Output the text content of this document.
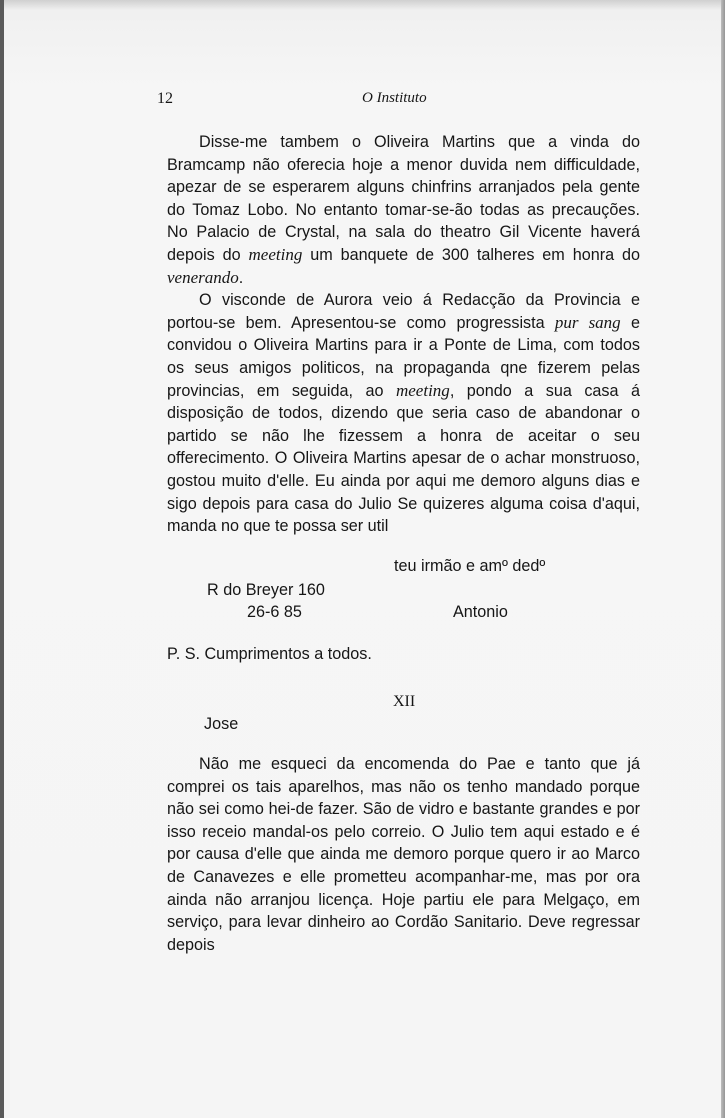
12	O Instituto

Disse-me tambem o Oliveira Martins que a vinda do Bramcamp não oferecia hoje a menor duvida nem difficuldade, apezar de se esperarem alguns chinfrins arranjados pela gente do Tomaz Lobo. No entanto tomar-se-ão todas as precauções. No Palacio de Crystal, na sala do theatro Gil Vicente haverá depois do meeting um banquete de 300 talheres em honra do venerando.

O visconde de Aurora veio á Redacção da Provincia e portou-se bem. Apresentou-se como progressista pur sang e convidou o Oliveira Martins para ir a Ponte de Lima, com todos os seus amigos politicos, na propaganda qne fizerem pelas provincias, em seguida, ao meeting, pondo a sua casa á disposição de todos, dizendo que seria caso de abandonar o partido se não lhe fizessem a honra de aceitar o seu offerecimento. O Oliveira Martins apesar de o achar monstruoso, gostou muito d'elle. Eu ainda por aqui me demoro alguns dias e sigo depois para casa do Julio Se quizeres alguma coisa d'aqui, manda no que te possa ser util

teu irmão e amº dedº
R do Breyer 160
26-6 85	Antonio
P. S. Cumprimentos a todos.
XII
Jose

Não me esqueci da encomenda do Pae e tanto que já comprei os tais aparelhos, mas não os tenho mandado porque não sei como hei-de fazer. São de vidro e bastante grandes e por isso receio mandal-os pelo correio. O Julio tem aqui estado e é por causa d'elle que ainda me demoro porque quero ir ao Marco de Canavezes e elle prometteu acompanhar-me, mas por ora ainda não arranjou licença. Hoje partiu ele para Melgaço, em serviço, para levar dinheiro ao Cordão Sanitario. Deve regressar depois
